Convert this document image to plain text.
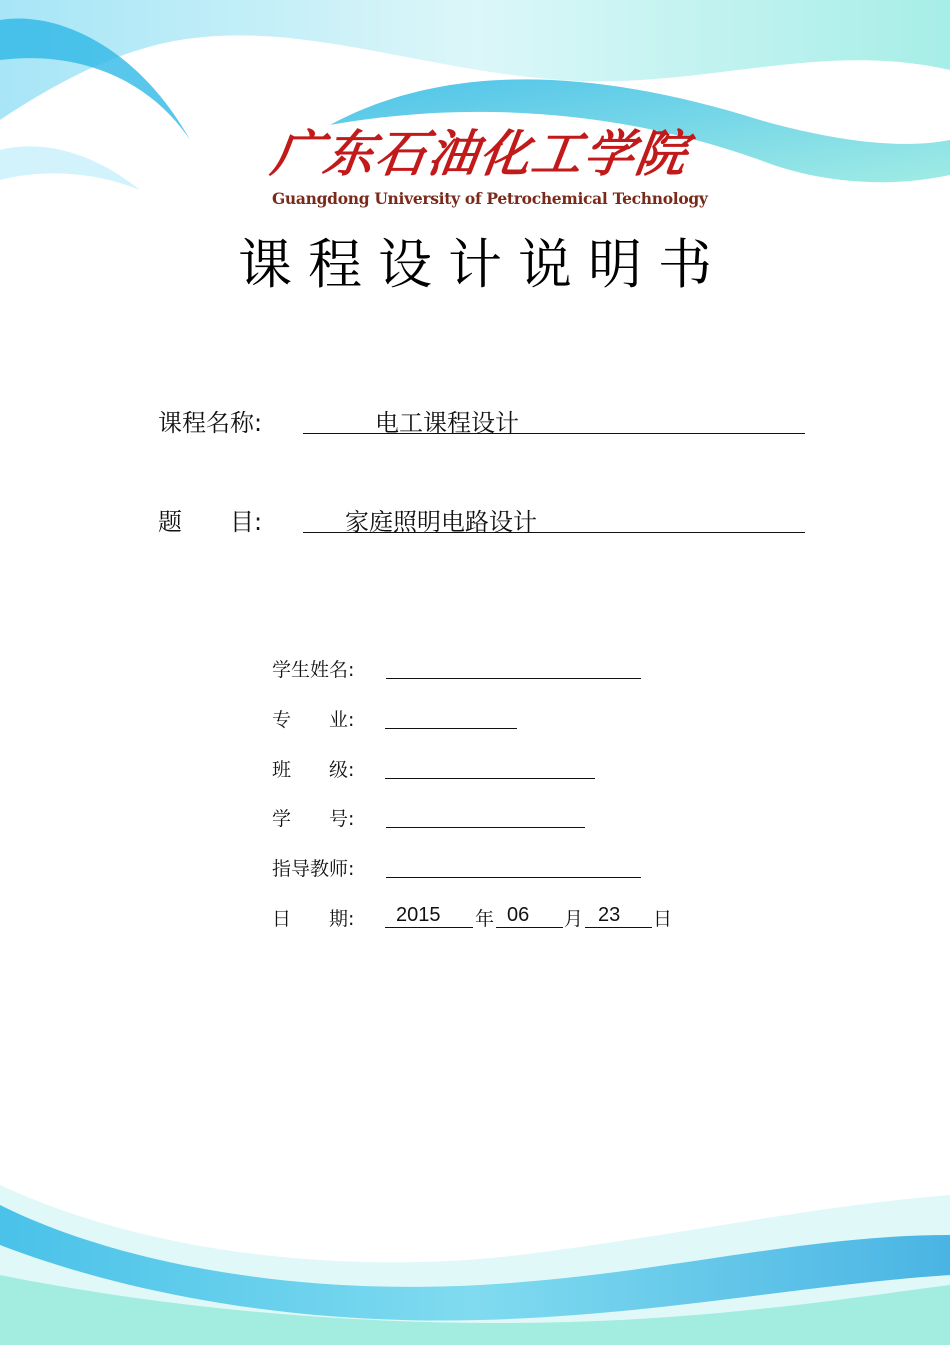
广东石油化工学院
Guangdong University of Petrochemical Technology
课程设计说明书
课程名称:	电工课程设计
题　　目:	家庭照明电路设计
学生姓名:
专　　业:
班　　级:
学　　号:
指导教师:
日　　期: 2015 年 06 月 23 日
